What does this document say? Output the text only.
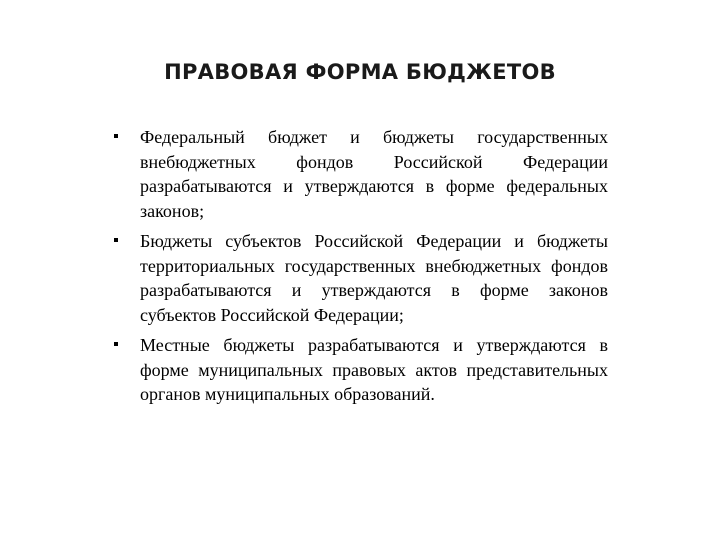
ПРАВОВАЯ ФОРМА БЮДЖЕТОВ
Федеральный бюджет и бюджеты государственных внебюджетных фондов Российской Федерации разрабатываются и утверждаются в форме федеральных законов;
Бюджеты субъектов Российской Федерации и бюджеты территориальных государственных внебюджетных фондов разрабатываются и утверждаются в форме законов субъектов Российской Федерации;
Местные бюджеты разрабатываются и утверждаются в форме муниципальных правовых актов представительных органов муниципальных образований.
